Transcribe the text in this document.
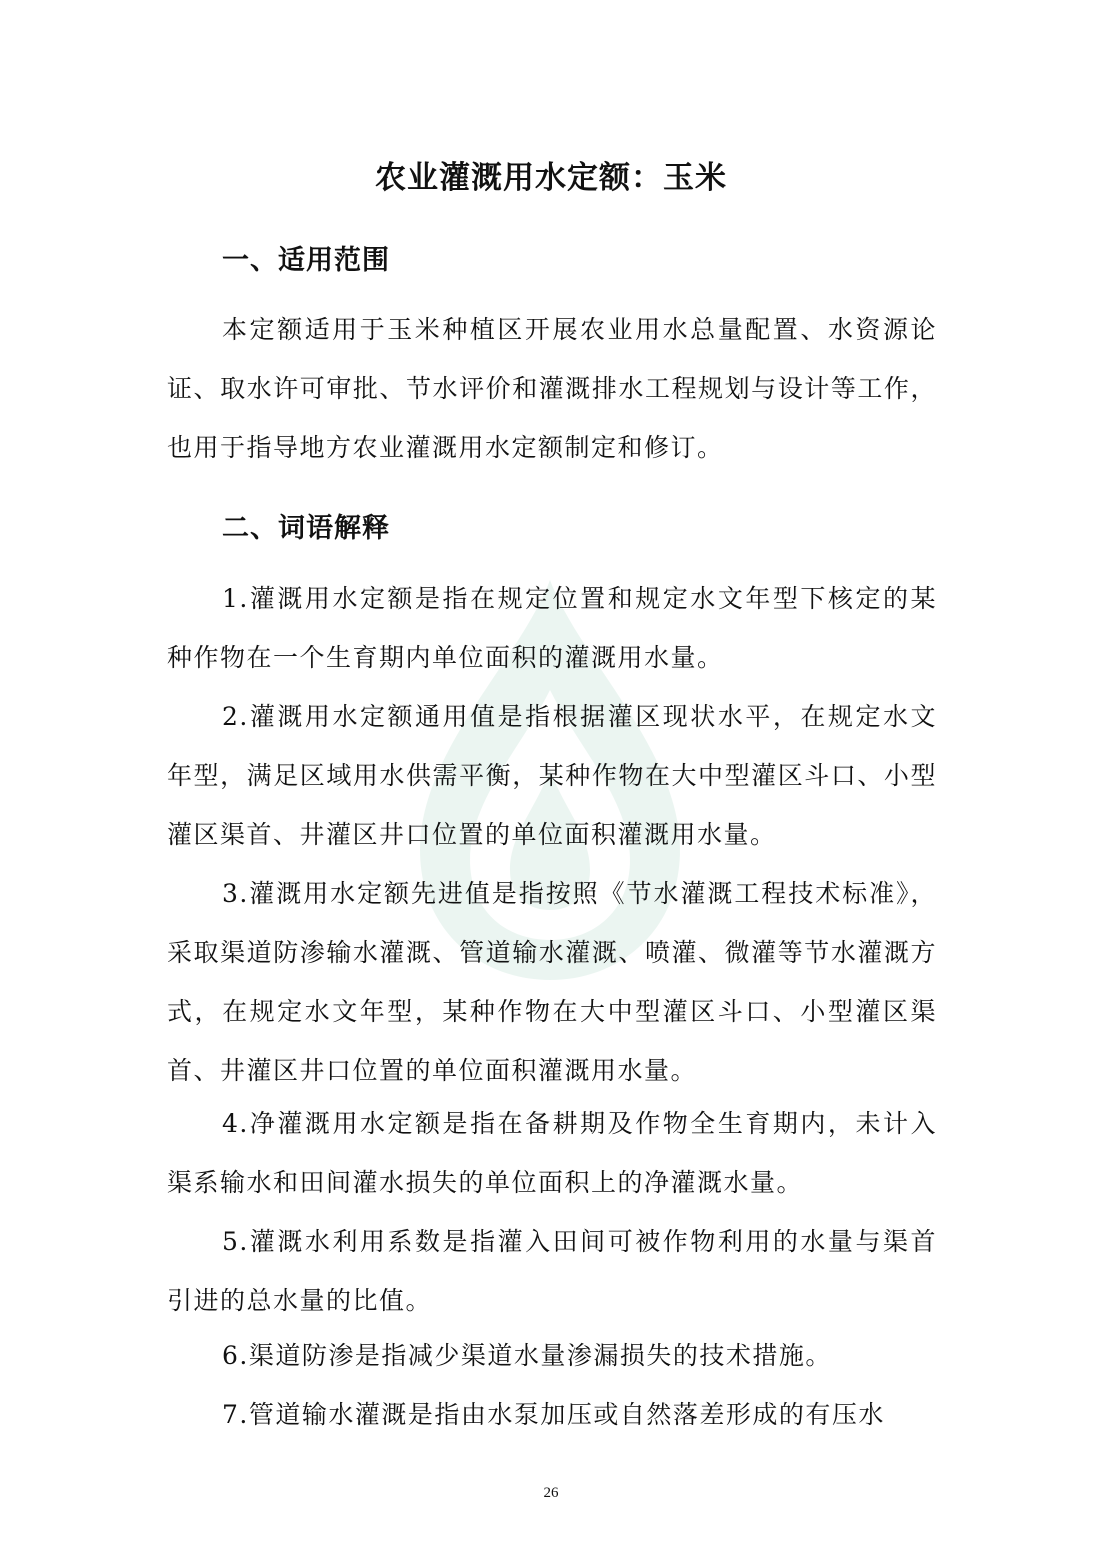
农业灌溉用水定额：玉米
一、适用范围

本定额适用于玉米种植区开展农业用水总量配置、水资源论证、取水许可审批、节水评价和灌溉排水工程规划与设计等工作，也用于指导地方农业灌溉用水定额制定和修订。

二、词语解释

1.灌溉用水定额是指在规定位置和规定水文年型下核定的某种作物在一个生育期内单位面积的灌溉用水量。

2.灌溉用水定额通用值是指根据灌区现状水平，在规定水文年型，满足区域用水供需平衡，某种作物在大中型灌区斗口、小型灌区渠首、井灌区井口位置的单位面积灌溉用水量。

3.灌溉用水定额先进值是指按照《节水灌溉工程技术标准》，采取渠道防渗输水灌溉、管道输水灌溉、喷灌、微灌等节水灌溉方式，在规定水文年型，某种作物在大中型灌区斗口、小型灌区渠首、井灌区井口位置的单位面积灌溉用水量。

4.净灌溉用水定额是指在备耕期及作物全生育期内，未计入渠系输水和田间灌水损失的单位面积上的净灌溉水量。

5.灌溉水利用系数是指灌入田间可被作物利用的水量与渠首引进的总水量的比值。

6.渠道防渗是指减少渠道水量渗漏损失的技术措施。

7.管道输水灌溉是指由水泵加压或自然落差形成的有压水

26
